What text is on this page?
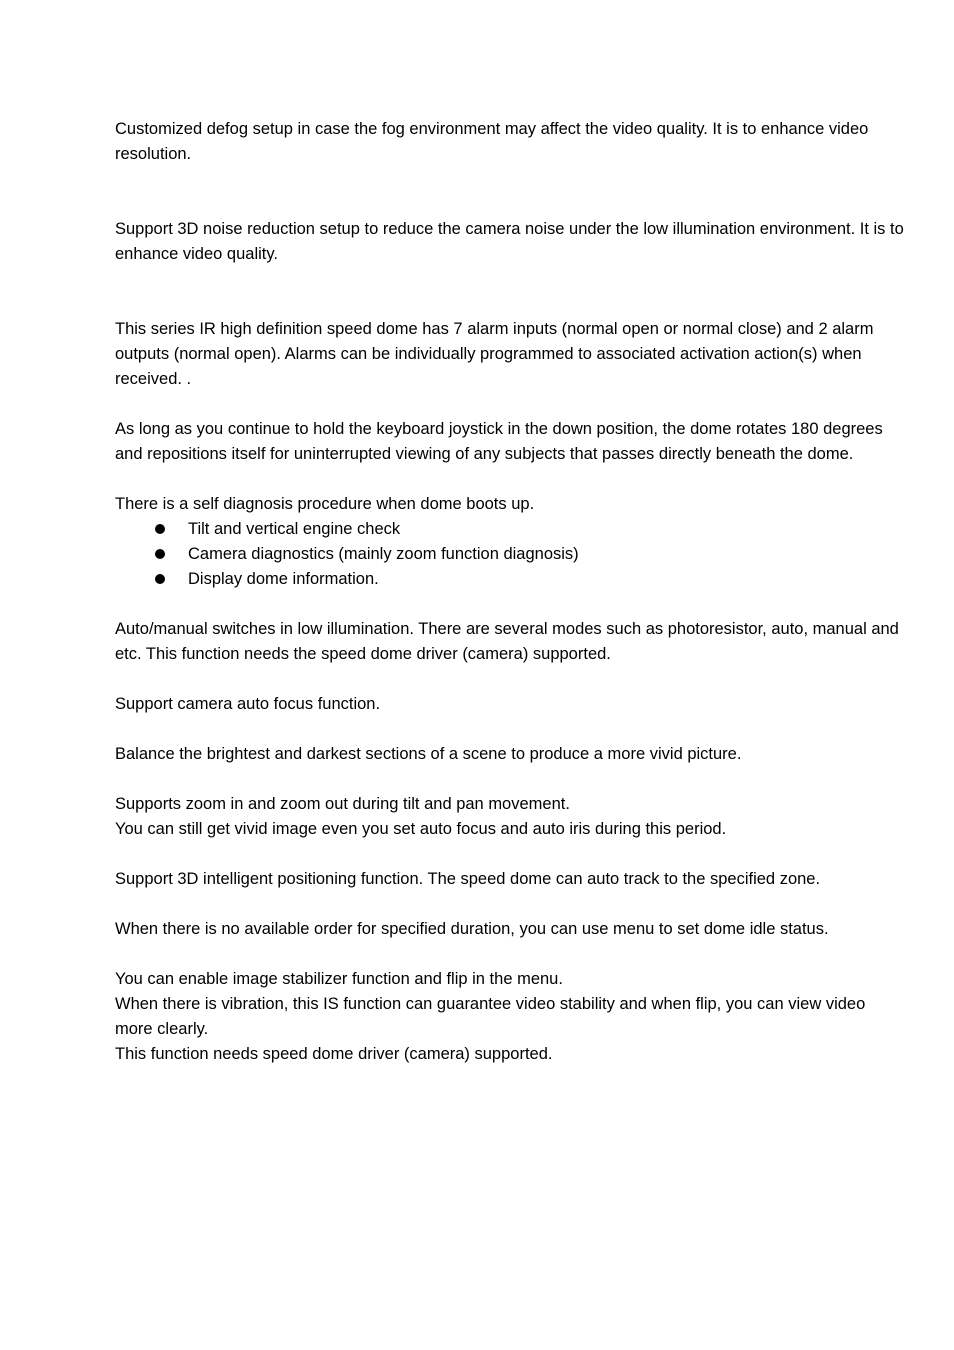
Customized defog setup in case the fog environment may affect the video quality. It is to enhance video
resolution.

Support 3D noise reduction setup to reduce the camera noise under the low illumination environment. It is to
enhance video quality.

This series IR high definition speed dome has 7 alarm inputs (normal open or normal close) and 2 alarm
outputs (normal open). Alarms can be individually programmed to associated activation action(s) when
received. .

As long as you continue to hold the keyboard joystick in the down position, the dome rotates 180 degrees
and repositions itself for uninterrupted viewing of any subjects that passes directly beneath the dome.

There is a self diagnosis procedure when dome boots up.

Tilt and vertical engine check
Camera diagnostics (mainly zoom function diagnosis)
Display dome information.

Auto/manual switches in low illumination. There are several modes such as photoresistor, auto, manual and
etc. This function needs the speed dome driver (camera) supported.

Support camera auto focus function.

Balance the brightest and darkest sections of a scene to produce a more vivid picture.

Supports zoom in and zoom out during tilt and pan movement.
You can still get vivid image even you set auto focus and auto iris during this period.

Support 3D intelligent positioning function. The speed dome can auto track to the specified zone.

When there is no available order for specified duration, you can use menu to set dome idle status.

You can enable image stabilizer function and flip in the menu.
When there is vibration, this IS function can guarantee video stability and when flip, you can view video
more clearly.
This function needs speed dome driver (camera) supported.
